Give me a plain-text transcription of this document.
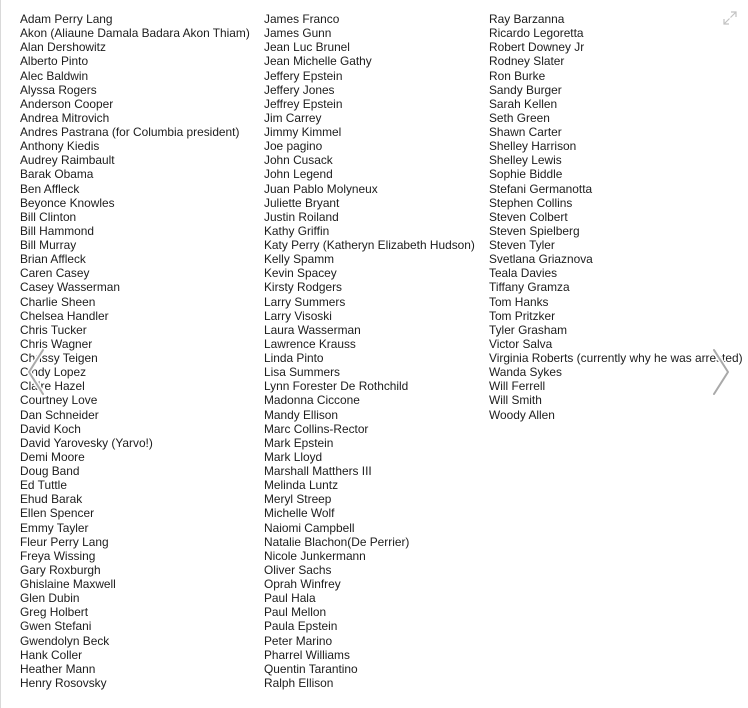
Adam Perry Lang
Akon (Aliaune Damala Badara Akon Thiam)
Alan Dershowitz
Alberto Pinto
Alec Baldwin
Alyssa Rogers
Anderson Cooper
Andrea Mitrovich
Andres Pastrana (for Columbia president)
Anthony Kiedis
Audrey Raimbault
Barak Obama
Ben Affleck
Beyonce Knowles
Bill Clinton
Bill Hammond
Bill Murray
Brian Affleck
Caren Casey
Casey Wasserman
Charlie Sheen
Chelsea Handler
Chris Tucker
Chris Wagner
Chrissy Teigen
Cindy Lopez
Claire Hazel
Courtney Love
Dan Schneider
David Koch
David Yarovesky (Yarvo!)
Demi Moore
Doug Band
Ed Tuttle
Ehud Barak
Ellen Spencer
Emmy Tayler
Fleur Perry Lang
Freya Wissing
Gary Roxburgh
Ghislaine Maxwell
Glen Dubin
Greg Holbert
Gwen Stefani
Gwendolyn Beck
Hank Coller
Heather Mann
Henry Rosovsky
James Franco
James Gunn
Jean Luc Brunel
Jean Michelle Gathy
Jeffery Epstein
Jeffery Jones
Jeffrey Epstein
Jim Carrey
Jimmy Kimmel
Joe pagino
John Cusack
John Legend
Juan Pablo Molyneux
Juliette Bryant
Justin Roiland
Kathy Griffin
Katy Perry (Katheryn Elizabeth Hudson)
Kelly Spamm
Kevin Spacey
Kirsty Rodgers
Larry Summers
Larry Visoski
Laura Wasserman
Lawrence Krauss
Linda Pinto
Lisa Summers
Lynn Forester De Rothchild
Madonna Ciccone
Mandy Ellison
Marc Collins-Rector
Mark Epstein
Mark Lloyd
Marshall Matthers III
Melinda Luntz
Meryl Streep
Michelle Wolf
Naiomi Campbell
Natalie Blachon(De Perrier)
Nicole Junkermann
Oliver Sachs
Oprah Winfrey
Paul Hala
Paul Mellon
Paula Epstein
Peter Marino
Pharrel Williams
Quentin Tarantino
Ralph Ellison
Ray Barzanna
Ricardo Legoretta
Robert Downey Jr
Rodney Slater
Ron Burke
Sandy Burger
Sarah Kellen
Seth Green
Shawn Carter
Shelley Harrison
Shelley Lewis
Sophie Biddle
Stefani Germanotta
Stephen Collins
Steven Colbert
Steven Spielberg
Steven Tyler
Svetlana Griaznova
Teala Davies
Tiffany Gramza
Tom Hanks
Tom Pritzker
Tyler Grasham
Victor Salva
Virginia Roberts (currently why he was arrested)
Wanda Sykes
Will Ferrell
Will Smith
Woody Allen
